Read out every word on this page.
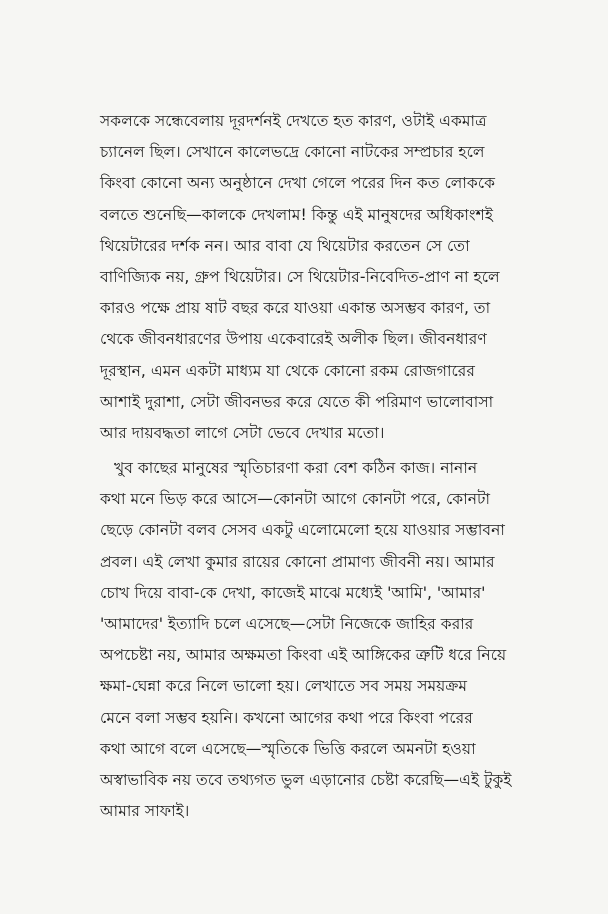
সকলকে সন্ধেবেলায় দূরদর্শনই দেখতে হত কারণ, ওটাই একমাত্র
চ্যানেল ছিল। সেখানে কালেভদ্রে কোনো নাটকের সম্প্রচার হলে
কিংবা কোনো অন্য অনুষ্ঠানে দেখা গেলে পরের দিন কত লোককে
বলতে শুনেছি—কালকে দেখলাম! কিন্তু এই মানুষদের অধিকাংশই
থিয়েটারের দর্শক নন। আর বাবা যে থিয়েটার করতেন সে তো
বাণিজ্যিক নয়, গ্রুপ থিয়েটার। সে থিয়েটার-নিবেদিত-প্রাণ না হলে
কারও পক্ষে প্রায় ষাট বছর করে যাওয়া একান্ত অসম্ভব কারণ, তা
থেকে জীবনধারণের উপায় একেবারেই অলীক ছিল। জীবনধারণ
দূরস্থান, এমন একটা মাধ্যম যা থেকে কোনো রকম রোজগারের
আশাই দুরাশা, সেটা জীবনভর করে যেতে কী পরিমাণ ভালোবাসা
আর দায়বদ্ধতা লাগে সেটা ভেবে দেখার মতো।
খুব কাছের মানুষের স্মৃতিচারণা করা বেশ কঠিন কাজ। নানান
কথা মনে ভিড় করে আসে—কোনটা আগে কোনটা পরে, কোনটা
ছেড়ে কোনটা বলব সেসব একটু এলোমেলো হয়ে যাওয়ার সম্ভাবনা
প্রবল। এই লেখা কুমার রায়ের কোনো প্রামাণ্য জীবনী নয়। আমার
চোখ দিয়ে বাবা-কে দেখা, কাজেই মাঝে মধ্যেই 'আমি', 'আমার'
'আমাদের' ইত্যাদি চলে এসেছে—সেটা নিজেকে জাহির করার
অপচেষ্টা নয়, আমার অক্ষমতা কিংবা এই আঙ্গিকের ত্রুটি ধরে নিয়ে
ক্ষমা-ঘেন্না করে নিলে ভালো হয়। লেখাতে সব সময় সময়ক্রম
মেনে বলা সম্ভব হয়নি। কখনো আগের কথা পরে কিংবা পরের
কথা আগে বলে এসেছে—স্মৃতিকে ভিত্তি করলে অমনটা হওয়া
অস্বাভাবিক নয় তবে তথ্যগত ভুল এড়ানোর চেষ্টা করেছি—এই টুকুই
আমার সাফাই।
